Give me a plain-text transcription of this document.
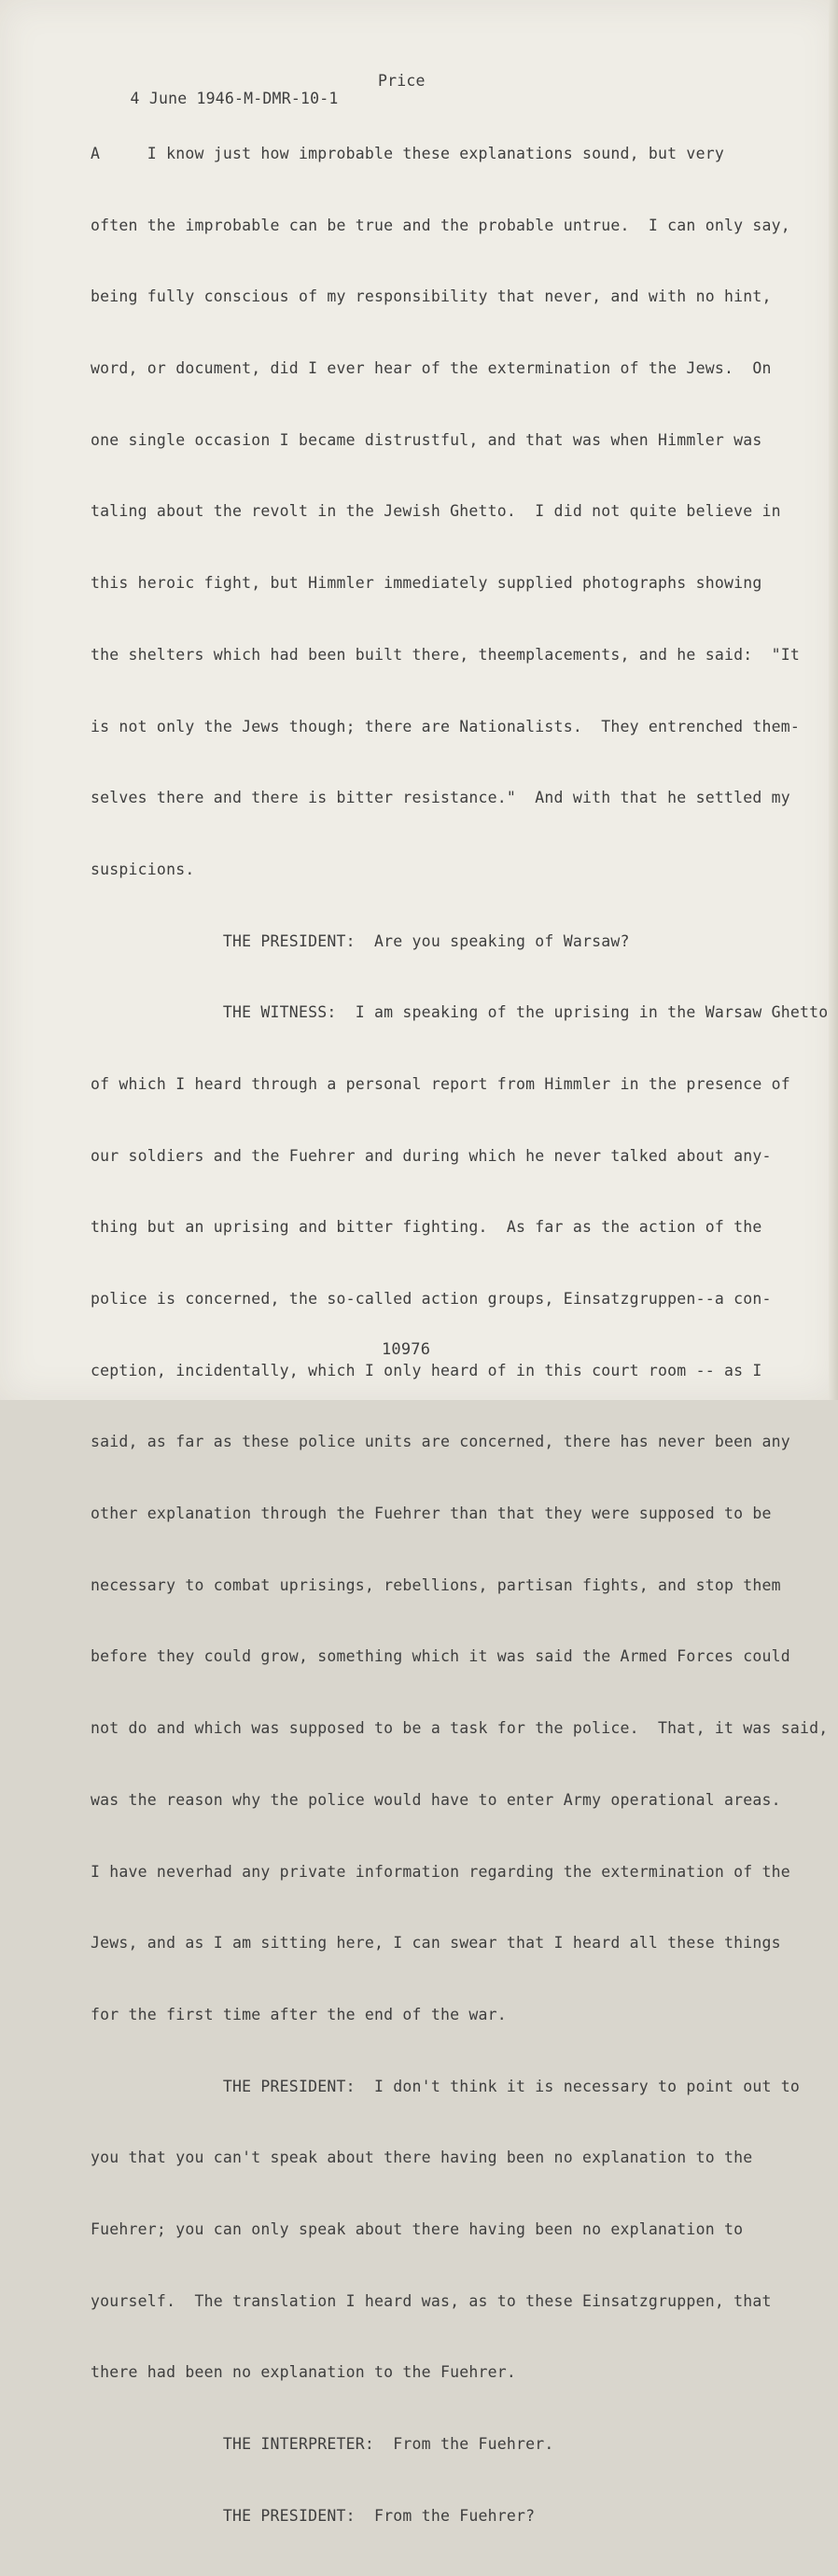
4 June 1946-M-DMR-10-1

Price

A     I know just how improbable these explanations sound, but very

often the improbable can be true and the probable untrue.  I can only say,

being fully conscious of my responsibility that never, and with no hint,

word, or document, did I ever hear of the extermination of the Jews.  On

one single occasion I became distrustful, and that was when Himmler was

taling about the revolt in the Jewish Ghetto.  I did not quite believe in

this heroic fight, but Himmler immediately supplied photographs showing

the shelters which had been built there, theemplacements, and he said:  "It

is not only the Jews though; there are Nationalists.  They entrenched them-

selves there and there is bitter resistance."  And with that he settled my

suspicions.

THE PRESIDENT:  Are you speaking of Warsaw?

THE WITNESS:  I am speaking of the uprising in the Warsaw Ghetto

of which I heard through a personal report from Himmler in the presence of

our soldiers and the Fuehrer and during which he never talked about any-

thing but an uprising and bitter fighting.  As far as the action of the

police is concerned, the so-called action groups, Einsatzgruppen--a con-

ception, incidentally, which I only heard of in this court room -- as I

said, as far as these police units are concerned, there has never been any

other explanation through the Fuehrer than that they were supposed to be

necessary to combat uprisings, rebellions, partisan fights, and stop them

before they could grow, something which it was said the Armed Forces could

not do and which was supposed to be a task for the police.  That, it was said,

was the reason why the police would have to enter Army operational areas.

I have neverhad any private information regarding the extermination of the

Jews, and as I am sitting here, I can swear that I heard all these things

for the first time after the end of the war.

THE PRESIDENT:  I don't think it is necessary to point out to

you that you can't speak about there having been no explanation to the

Fuehrer; you can only speak about there having been no explanation to

yourself.  The translation I heard was, as to these Einsatzgruppen, that

there had been no explanation to the Fuehrer.

THE INTERPRETER:  From the Fuehrer.

THE PRESIDENT:  From the Fuehrer?

10976
